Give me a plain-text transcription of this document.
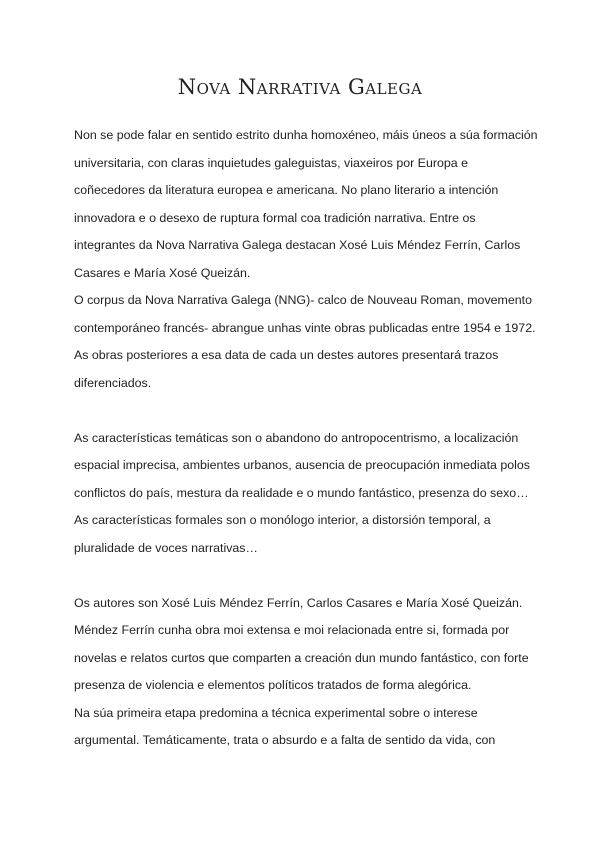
Nova Narrativa Galega
Non se pode falar en sentido estrito dunha homoxéneo, máis úneos a súa formación
universitaria, con claras inquietudes galeguistas, viaxeiros por Europa e
coñecedores da literatura europea e americana. No plano literario a intención
innovadora e o desexo de ruptura formal coa tradición narrativa. Entre os
integrantes da Nova Narrativa Galega destacan Xosé Luis Méndez Ferrín, Carlos
Casares e María Xosé Queizán.
O corpus da Nova Narrativa Galega (NNG)- calco de Nouveau Roman, movemento
contemporáneo francés- abrangue unhas vinte obras publicadas entre 1954 e 1972.
As obras posteriores a esa data de cada un destes autores presentará trazos
diferenciados.
As características temáticas son o abandono do antropocentrismo, a localización
espacial imprecisa, ambientes urbanos, ausencia de preocupación inmediata polos
conflictos do país, mestura da realidade e o mundo fantástico, presenza do sexo…
As características formales son o monólogo interior, a distorsión temporal, a
pluralidade de voces narrativas…
Os autores son Xosé Luis Méndez Ferrín, Carlos Casares e María Xosé Queizán.
Méndez Ferrín cunha obra moi extensa e moi relacionada entre si, formada por
novelas e relatos curtos que comparten a creación dun mundo fantástico, con forte
presenza de violencia e elementos políticos tratados de forma alegórica.
Na súa primeira etapa predomina a técnica experimental sobre o interese
argumental. Temáticamente, trata o absurdo e a falta de sentido da vida, con
